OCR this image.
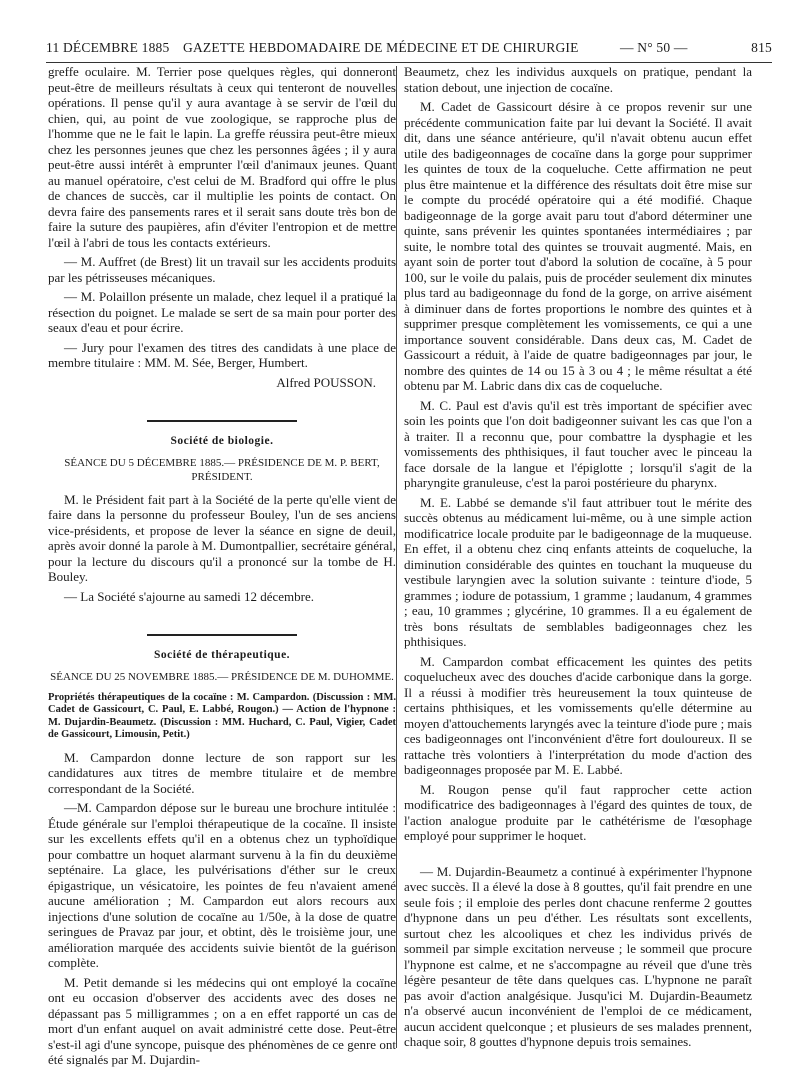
11 DÉCEMBRE 1885 GAZETTE HEBDOMADAIRE DE MÉDECINE ET DE CHIRURGIE	— N° 50 —	815

greffe oculaire. M. Terrier pose quelques règles, qui donneront peut-être de meilleurs résultats à ceux qui tenteront de nouvelles opérations. Il pense qu'il y aura avantage à se servir de l'œil du chien, qui, au point de vue zoologique, se rapproche plus de l'homme que ne le fait le lapin. La greffe réussira peut-être mieux chez les personnes jeunes que chez les personnes âgées ; il y aura peut-être aussi intérêt à emprunter l'œil d'animaux jeunes. Quant au manuel opératoire, c'est celui de M. Bradford qui offre le plus de chances de succès, car il multiplie les points de contact. On devra faire des pansements rares et il serait sans doute très bon de faire la suture des paupières, afin d'éviter l'entropion et de mettre l'œil à l'abri de tous les contacts extérieurs.

— M. Auffret (de Brest) lit un travail sur les accidents produits par les pétrisseuses mécaniques.

— M. Polaillon présente un malade, chez lequel il a pratiqué la résection du poignet. Le malade se sert de sa main pour porter des seaux d'eau et pour écrire.

— Jury pour l'examen des titres des candidats à une place de membre titulaire : MM. M. Sée, Berger, Humbert.

Alfred POUSSON.

Société de biologie.
SÉANCE DU 5 DÉCEMBRE 1885.— PRÉSIDENCE DE M. P. BERT, PRÉSIDENT.

M. le Président fait part à la Société de la perte qu'elle vient de faire dans la personne du professeur Bouley, l'un de ses anciens vice-présidents, et propose de lever la séance en signe de deuil, après avoir donné la parole à M. Dumontpallier, secrétaire général, pour la lecture du discours qu'il a prononcé sur la tombe de H. Bouley.

— La Société s'ajourne au samedi 12 décembre.

Société de thérapeutique.
SÉANCE DU 25 NOVEMBRE 1885.— PRÉSIDENCE DE M. DUHOMME.

Propriétés thérapeutiques de la cocaïne : M. Campardon. (Discussion : MM. Cadet de Gassicourt, C. Paul, E. Labbé, Rougon.) — Action de l'hypnone : M. Dujardin-Beaumetz. (Discussion : MM. Huchard, C. Paul, Vigier, Cadet de Gassicourt, Limousin, Petit.)

M. Campardon donne lecture de son rapport sur les candidatures aux titres de membre titulaire et de membre correspondant de la Société.

—M. Campardon dépose sur le bureau une brochure intitulée : Étude générale sur l'emploi thérapeutique de la cocaïne. Il insiste sur les excellents effets qu'il en a obtenus chez un typhoïdique pour combattre un hoquet alarmant survenu à la fin du deuxième septénaire. La glace, les pulvérisations d'éther sur le creux épigastrique, un vésicatoire, les pointes de feu n'avaient amené aucune amélioration ; M. Campardon eut alors recours aux injections d'une solution de cocaïne au 1/50e, à la dose de quatre seringues de Pravaz par jour, et obtint, dès le troisième jour, une amélioration marquée des accidents suivie bientôt de la guérison complète.

M. Petit demande si les médecins qui ont employé la cocaïne ont eu occasion d'observer des accidents avec des doses ne dépassant pas 5 milligrammes ; on a en effet rapporté un cas de mort d'un enfant auquel on avait administré cette dose. Peut-être s'est-il agi d'une syncope, puisque des phénomènes de ce genre ont été signalés par M. Dujardin-

Beaumetz, chez les individus auxquels on pratique, pendant la station debout, une injection de cocaïne.

M. Cadet de Gassicourt désire à ce propos revenir sur une précédente communication faite par lui devant la Société. Il avait dit, dans une séance antérieure, qu'il n'avait obtenu aucun effet utile des badigeonnages de cocaïne dans la gorge pour supprimer les quintes de toux de la coqueluche. Cette affirmation ne peut plus être maintenue et la différence des résultats doit être mise sur le compte du procédé opératoire qui a été modifié. Chaque badigeonnage de la gorge avait paru tout d'abord déterminer une quinte, sans prévenir les quintes spontanées intermédiaires ; par suite, le nombre total des quintes se trouvait augmenté. Mais, en ayant soin de porter tout d'abord la solution de cocaïne, à 5 pour 100, sur le voile du palais, puis de procéder seulement dix minutes plus tard au badigeonnage du fond de la gorge, on arrive aisément à diminuer dans de fortes proportions le nombre des quintes et à supprimer presque complètement les vomissements, ce qui a une importance souvent considérable. Dans deux cas, M. Cadet de Gassicourt a réduit, à l'aide de quatre badigeonnages par jour, le nombre des quintes de 14 ou 15 à 3 ou 4 ; le même résultat a été obtenu par M. Labric dans dix cas de coqueluche.

M. C. Paul est d'avis qu'il est très important de spécifier avec soin les points que l'on doit badigeonner suivant les cas que l'on a à traiter. Il a reconnu que, pour combattre la dysphagie et les vomissements des phthisiques, il faut toucher avec le pinceau la face dorsale de la langue et l'épiglotte ; lorsqu'il s'agit de la pharyngite granuleuse, c'est la paroi postérieure du pharynx.

M. E. Labbé se demande s'il faut attribuer tout le mérite des succès obtenus au médicament lui-même, ou à une simple action modificatrice locale produite par le badigeonnage de la muqueuse. En effet, il a obtenu chez cinq enfants atteints de coqueluche, la diminution considérable des quintes en touchant la muqueuse du vestibule laryngien avec la solution suivante : teinture d'iode, 5 grammes ; iodure de potassium, 1 gramme ; laudanum, 4 grammes ; eau, 10 grammes ; glycérine, 10 grammes. Il a eu également de très bons résultats de semblables badigeonnages chez les phthisiques.

M. Campardon combat efficacement les quintes des petits coquelucheux avec des douches d'acide carbonique dans la gorge. Il a réussi à modifier très heureusement la toux quinteuse de certains phthisiques, et les vomissements qu'elle détermine au moyen d'attouchements laryngés avec la teinture d'iode pure ; mais ces badigeonnages ont l'inconvénient d'être fort douloureux. Il se rattache très volontiers à l'interprétation du mode d'action des badigeonnages proposée par M. E. Labbé.

M. Rougon pense qu'il faut rapprocher cette action modificatrice des badigeonnages à l'égard des quintes de toux, de l'action analogue produite par le cathétérisme de l'œsophage employé pour supprimer le hoquet.

— M. Dujardin-Beaumetz a continué à expérimenter l'hypnone avec succès. Il a élevé la dose à 8 gouttes, qu'il fait prendre en une seule fois ; il emploie des perles dont chacune renferme 2 gouttes d'hypnone dans un peu d'éther. Les résultats sont excellents, surtout chez les alcooliques et chez les individus privés de sommeil par simple excitation nerveuse ; le sommeil que procure l'hypnone est calme, et ne s'accompagne au réveil que d'une très légère pesanteur de tête dans quelques cas. L'hypnone ne paraît pas avoir d'action analgésique. Jusqu'ici M. Dujardin-Beaumetz n'a observé aucun inconvénient de l'emploi de ce médicament, aucun accident quelconque ; et plusieurs de ses malades prennent, chaque soir, 8 gouttes d'hypnone depuis trois semaines.
